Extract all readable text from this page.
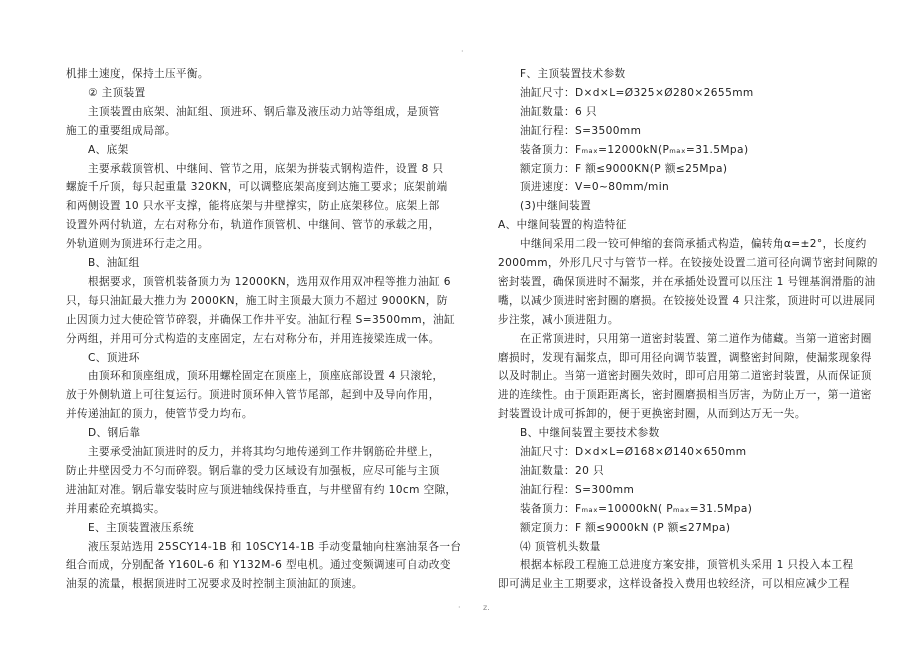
·
机排土速度，保持土压平衡。
② 主顶装置
主顶装置由底架、油缸组、顶进环、钢后靠及液压动力站等组成，是顶管
施工的重要组成局部。
A、底架
主要承载顶管机、中继间、管节之用，底架为拼装式钢构造件，设置 8 只
螺旋千斤顶，每只起重量 320KN，可以调整底架高度到达施工要求；底架前端
和两侧设置 10 只水平支撑，能将底架与井壁撑实，防止底架移位。底架上部
设置外两付轨道，左右对称分布，轨道作顶管机、中继间、管节的承载之用，
外轨道则为顶进环行走之用。
B、油缸组
根据要求，顶管机装备顶力为 12000KN，选用双作用双冲程等推力油缸 6
只，每只油缸最大推力为 2000KN，施工时主顶最大顶力不超过 9000KN，防
止因顶力过大使砼管节碎裂，并确保工作井平安。油缸行程 S=3500mm，油缸
分两组，并用可分式构造的支座固定，左右对称分布，并用连接梁连成一体。
C、顶进环
由顶环和顶座组成，顶环用螺栓固定在顶座上，顶座底部设置 4 只滚轮，
放于外侧轨道上可往复运行。顶进时顶环伸入管节尾部，起到中及导向作用，
并传递油缸的顶力，使管节受力均布。
D、钢后靠
主要承受油缸顶进时的反力，并将其均匀地传递到工作井钢筋砼井壁上，
防止井壁因受力不匀而碎裂。钢后靠的受力区域设有加强板，应尽可能与主顶
进油缸对准。钢后靠安装时应与顶进轴线保持垂直，与井壁留有约 10cm 空隙，
并用素砼充填捣实。
E、主顶装置液压系统
液压泵站选用 25SCY14-1B 和 10SCY14-1B 手动变量轴向柱塞油泵各一台
组合而成，分别配备 Y160L-6 和 Y132M-6 型电机。通过变频调速可自动改变
油泵的流量，根据顶进时工况要求及时控制主顶油缸的顶速。
F、主顶装置技术参数
油缸尺寸：D×d×L=Ø325×Ø280×2655mm
油缸数量：6 只
油缸行程：S=3500mm
装备顶力：Fₘₐₓ=12000kN(Pₘₐₓ=31.5Mpa)
额定顶力：F 额≤9000KN(P 额≤25Mpa)
顶进速度：V=0~80mm/min
(3)中继间装置
A、中继间装置的构造特征
中继间采用二段一铰可伸缩的套筒承插式构造，偏转角α=±2°，长度约
2000mm，外形几尺寸与管节一样。在铰接处设置二道可径向调节密封间隙的
密封装置，确保顶进时不漏浆，并在承插处设置可以压注 1 号锂基润滑脂的油
嘴，以减少顶进时密封圈的磨损。在铰接处设置 4 只注浆，顶进时可以进展同
步注浆，减小顶进阻力。
在正常顶进时，只用第一道密封装置、第二道作为储藏。当第一道密封圈
磨损时，发现有漏浆点，即可用径向调节装置，调整密封间隙，使漏浆现象得
以及时制止。当第一道密封圈失效时，即可启用第二道密封装置，从而保证顶
进的连续性。由于顶距距离长，密封圈磨损相当厉害，为防止万一，第一道密
封装置设计成可拆卸的，便于更换密封圈，从而到达万无一失。
B、中继间装置主要技术参数
油缸尺寸：D×d×L=Ø168×Ø140×650mm
油缸数量：20 只
油缸行程：S=300mm
装备顶力：Fₘₐₓ=10000kN( Pₘₐₓ=31.5Mpa)
额定顶力：F 额≤9000kN (P 额≤27Mpa)
⑷ 顶管机头数量
根据本标段工程施工总进度方案安排，顶管机头采用 1 只投入本工程
即可满足业主工期要求，这样设备投入费用也较经济，可以相应减少工程
·	z.
